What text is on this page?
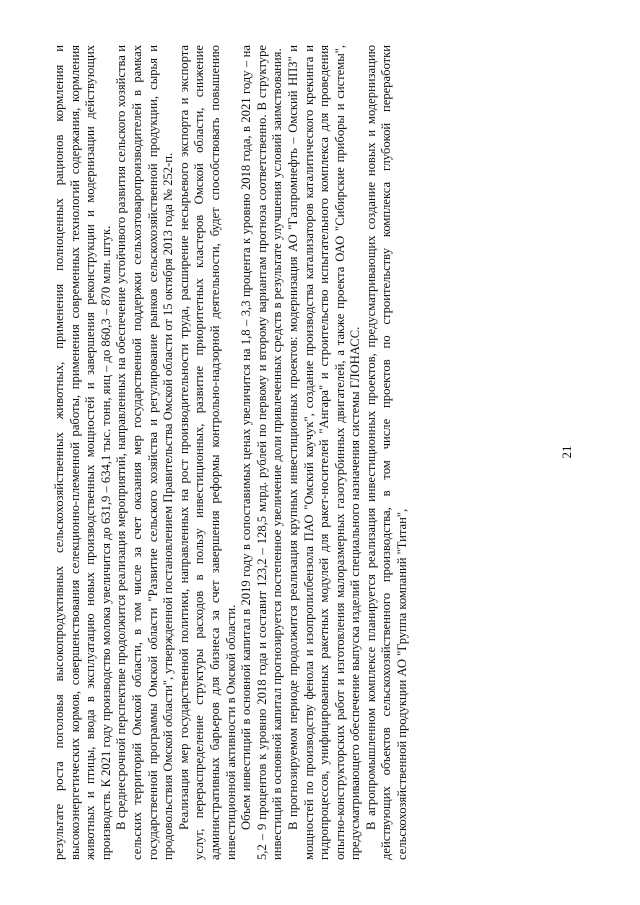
21

результате роста поголовья высокопродуктивных сельскохозяйственных животных, применения полноценных рационов кормления и высокоэнергетических кормов, совершенствования селекционно-племенной работы, применения современных технологий содержания, кормления животных и птицы, ввода в эксплуатацию новых производственных мощностей и завершения реконструкции и модернизации действующих производств. К 2021 году производство молока увеличится до 631,9 – 634,1 тыс. тонн, яиц – до 860,3 – 870 млн. штук. В среднесрочной перспективе продолжится реализация мероприятий, направленных на обеспечение устойчивого развития сельского хозяйства и сельских территорий Омской области, в том числе за счет оказания мер государственной поддержки сельхозтоваропроизводителей в рамках государственной программы Омской области "Развитие сельского хозяйства и регулирование рынков сельскохозяйственной продукции, сырья и продовольствия Омской области", утвержденной постановлением Правительства Омской области от 15 октября 2013 года № 252-п. Реализация мер государственной политики, направленных на рост производительности труда, расширение несырьевого экспорта и экспорта услуг, перераспределение структуры расходов в пользу инвестиционных, развитие приоритетных кластеров Омской области, снижение административных барьеров для бизнеса за счет завершения реформы контрольно-надзорной деятельности, будет способствовать повышению инвестиционной активности в Омской области. Объем инвестиций в основной капитал в 2019 году в сопоставимых ценах увеличится на 1,8 – 3,3 процента к уровню 2018 года, в 2021 году – на 5,2 – 9 процентов к уровню 2018 года и составит 123,2 – 128,5 млрд. рублей по первому и второму вариантам прогноза соответственно. В структуре инвестиций в основной капитал прогнозируется постепенное увеличение доли привлеченных средств в результате улучшения условий заимствования. В прогнозируемом периоде продолжится реализация крупных инвестиционных проектов: модернизация АО "Газпромнефть – Омский НПЗ" и мощностей по производству фенола и изопропилбензола ПАО "Омский каучук", создание производства катализаторов каталитического крекинга и гидропроцессов, унифицированных ракетных модулей для ракет-носителей "Ангара" и строительство испытательного комплекса для проведения опытно-конструкторских работ и изготовления малоразмерных газотурбинных двигателей, а также проекта ОАО "Сибирские приборы и системы", предусматривающего обеспечение выпуска изделий специального назначения системы ГЛОНАСС. В агропромышленном комплексе планируется реализация инвестиционных проектов, предусматривающих создание новых и модернизацию действующих объектов сельскохозяйственного производства, в том числе проектов по строительству комплекса глубокой переработки сельскохозяйственной продукции АО "Группа компаний "Титан",
